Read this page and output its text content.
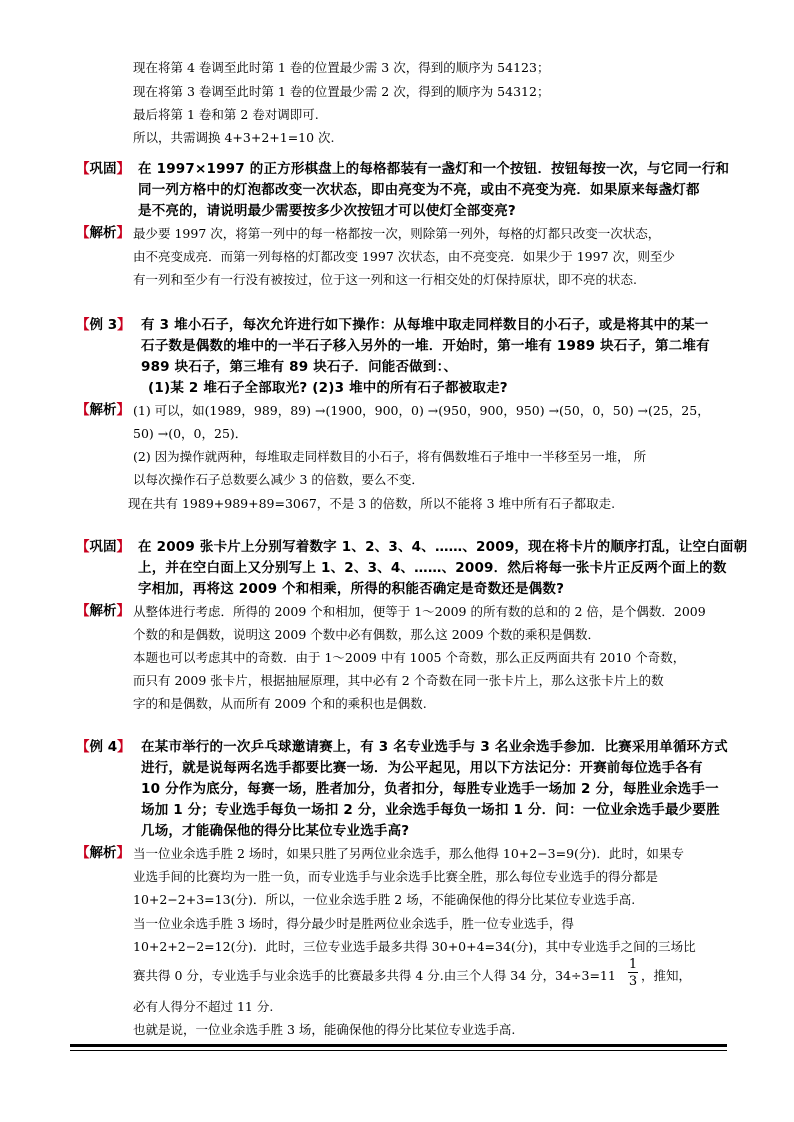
现在将第 4 卷调至此时第 1 卷的位置最少需 3 次，得到的顺序为 54123；
现在将第 3 卷调至此时第 1 卷的位置最少需 2 次，得到的顺序为 54312；
最后将第 1 卷和第 2 卷对调即可.
所以，共需调换 4+3+2+1=10 次.
【巩固】 在 1997×1997 的正方形棋盘上的每格都装有一盏灯和一个按钮．按钮每按一次，与它同一行和
同一列方格中的灯泡都改变一次状态，即由亮变为不亮，或由不亮变为亮．如果原来每盏灯都
是不亮的，请说明最少需要按多少次按钮才可以使灯全部变亮?
【解析】 最少要 1997 次，将第一列中的每一格都按一次，则除第一列外，每格的灯都只改变一次状态，
由不亮变成亮．而第一列每格的灯都改变 1997 次状态，由不亮变亮．如果少于 1997 次，则至少
有一列和至少有一行没有被按过，位于这一列和这一行相交处的灯保持原状，即不亮的状态.
【例 3】 有 3 堆小石子，每次允许进行如下操作：从每堆中取走同样数目的小石子，或是将其中的某一
石子数是偶数的堆中的一半石子移入另外的一堆．开始时，第一堆有 1989 块石子，第二堆有
989 块石子，第三堆有 89 块石子．问能否做到：、
(1)某 2 堆石子全部取光? (2)3 堆中的所有石子都被取走?
【解析】 (1) 可以，如(1989，989，89) →(1900，900，0) →(950，900，950) →(50，0，50) →(25，25，
50) →(0，0，25)．
(2) 因为操作就两种，每堆取走同样数目的小石子，将有偶数堆石子堆中一半移至另一堆， 所
以每次操作石子总数要么减少 3 的倍数，要么不变．
现在共有 1989+989+89=3067，不是 3 的倍数，所以不能将 3 堆中所有石子都取走.
【巩固】 在 2009 张卡片上分别写着数字 1、2、3、4、……、2009，现在将卡片的顺序打乱，让空白面朝
上，并在空白面上又分别写上 1、2、3、4、……、2009．然后将每一张卡片正反两个面上的数
字相加，再将这 2009 个和相乘，所得的积能否确定是奇数还是偶数?
【解析】 从整体进行考虑．所得的 2009 个和相加，便等于 1～2009 的所有数的总和的 2 倍，是个偶数．2009
个数的和是偶数，说明这 2009 个数中必有偶数，那么这 2009 个数的乘积是偶数．
本题也可以考虑其中的奇数．由于 1～2009 中有 1005 个奇数，那么正反两面共有 2010 个奇数，
而只有 2009 张卡片，根据抽屉原理，其中必有 2 个奇数在同一张卡片上，那么这张卡片上的数
字的和是偶数，从而所有 2009 个和的乘积也是偶数.
【例 4】 在某市举行的一次乒乓球邀请赛上，有 3 名专业选手与 3 名业余选手参加．比赛采用单循环方式
进行，就是说每两名选手都要比赛一场．为公平起见，用以下方法记分：开赛前每位选手各有
10 分作为底分，每赛一场，胜者加分，负者扣分，每胜专业选手一场加 2 分，每胜业余选手一
场加 1 分；专业选手每负一场扣 2 分，业余选手每负一场扣 1 分．问：一位业余选手最少要胜
几场，才能确保他的得分比某位专业选手高?
【解析】 当一位业余选手胜 2 场时，如果只胜了另两位业余选手，那么他得 10+2−3=9(分)．此时，如果专
业选手间的比赛均为一胜一负，而专业选手与业余选手比赛全胜，那么每位专业选手的得分都是
10+2−2+3=13(分)．所以，一位业余选手胜 2 场，不能确保他的得分比某位专业选手高.
当一位业余选手胜 3 场时，得分最少时是胜两位业余选手，胜一位专业选手，得
10+2+2−2=12(分)．此时，三位专业选手最多共得 30+0+4=34(分)，其中专业选手之间的三场比
赛共得 0 分，专业选手与业余选手的比赛最多共得 4 分.由三个人得 34 分，34÷3=11
1
3 ，推知，
必有人得分不超过 11 分.
也就是说，一位业余选手胜 3 场，能确保他的得分比某位专业选手高.
